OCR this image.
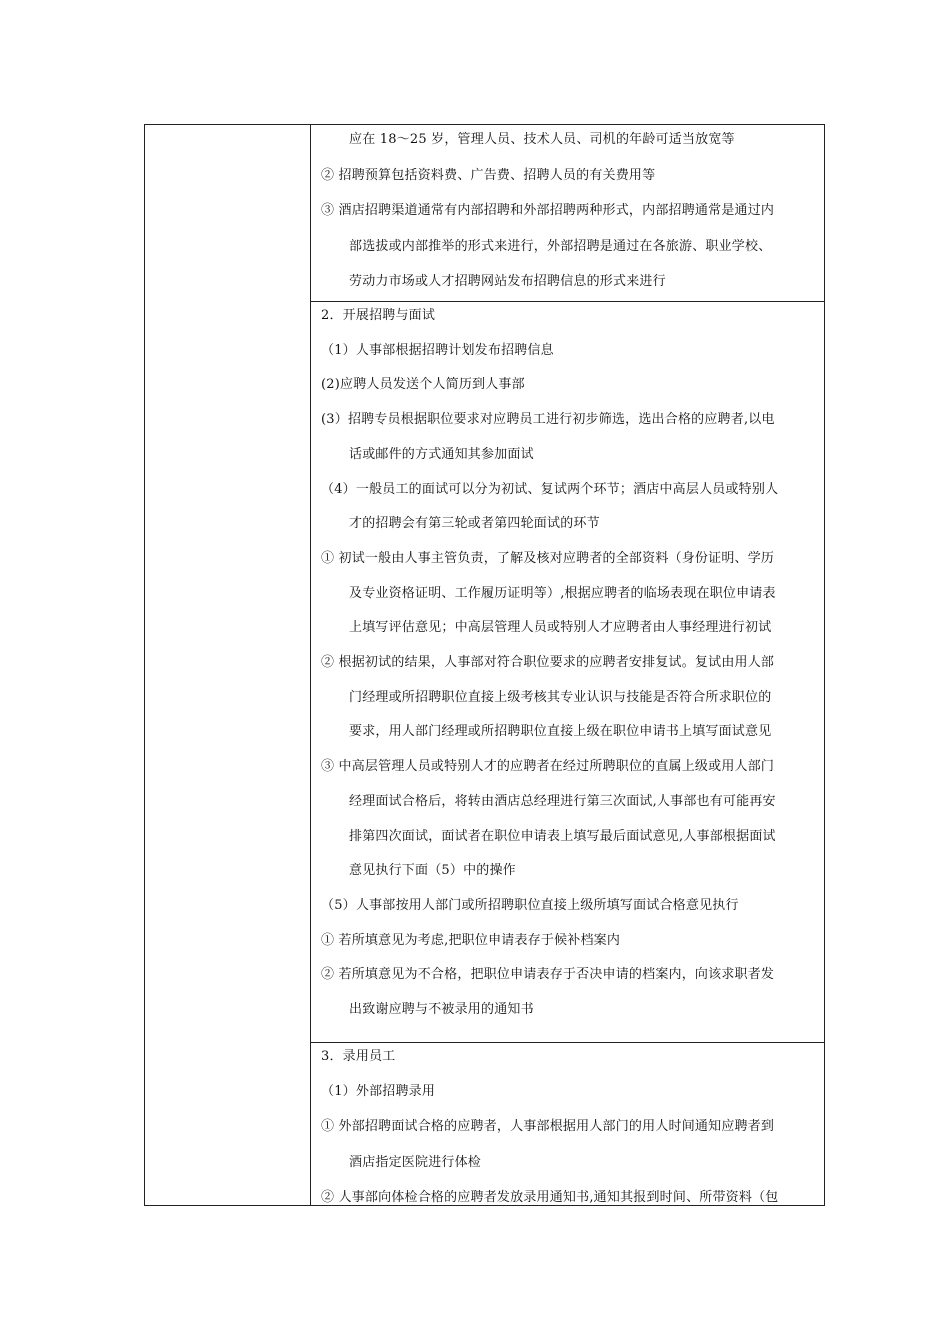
应在 18～25 岁，管理人员、技术人员、司机的年龄可适当放宽等
② 招聘预算包括资料费、广告费、招聘人员的有关费用等
③ 酒店招聘渠道通常有内部招聘和外部招聘两种形式，内部招聘通常是通过内
部选拔或内部推举的形式来进行，外部招聘是通过在各旅游、职业学校、
劳动力市场或人才招聘网站发布招聘信息的形式来进行
2．开展招聘与面试
（1）人事部根据招聘计划发布招聘信息
(2)应聘人员发送个人简历到人事部
(3）招聘专员根据职位要求对应聘员工进行初步筛选，选出合格的应聘者,以电
话或邮件的方式通知其参加面试
（4）一般员工的面试可以分为初试、复试两个环节；酒店中高层人员或特别人
才的招聘会有第三轮或者第四轮面试的环节
① 初试一般由人事主管负责，了解及核对应聘者的全部资料（身份证明、学历
及专业资格证明、工作履历证明等）,根据应聘者的临场表现在职位申请表
上填写评估意见；中高层管理人员或特别人才应聘者由人事经理进行初试
② 根据初试的结果，人事部对符合职位要求的应聘者安排复试。复试由用人部
门经理或所招聘职位直接上级考核其专业认识与技能是否符合所求职位的
要求，用人部门经理或所招聘职位直接上级在职位申请书上填写面试意见
③ 中高层管理人员或特别人才的应聘者在经过所聘职位的直属上级或用人部门
经理面试合格后，将转由酒店总经理进行第三次面试,人事部也有可能再安
排第四次面试，面试者在职位申请表上填写最后面试意见,人事部根据面试
意见执行下面（5）中的操作
（5）人事部按用人部门或所招聘职位直接上级所填写面试合格意见执行
① 若所填意见为考虑,把职位申请表存于候补档案内
② 若所填意见为不合格，把职位申请表存于否决申请的档案内，向该求职者发
出致谢应聘与不被录用的通知书
3．录用员工
（1）外部招聘录用
① 外部招聘面试合格的应聘者，人事部根据用人部门的用人时间通知应聘者到
酒店指定医院进行体检
② 人事部向体检合格的应聘者发放录用通知书,通知其报到时间、所带资料（包
